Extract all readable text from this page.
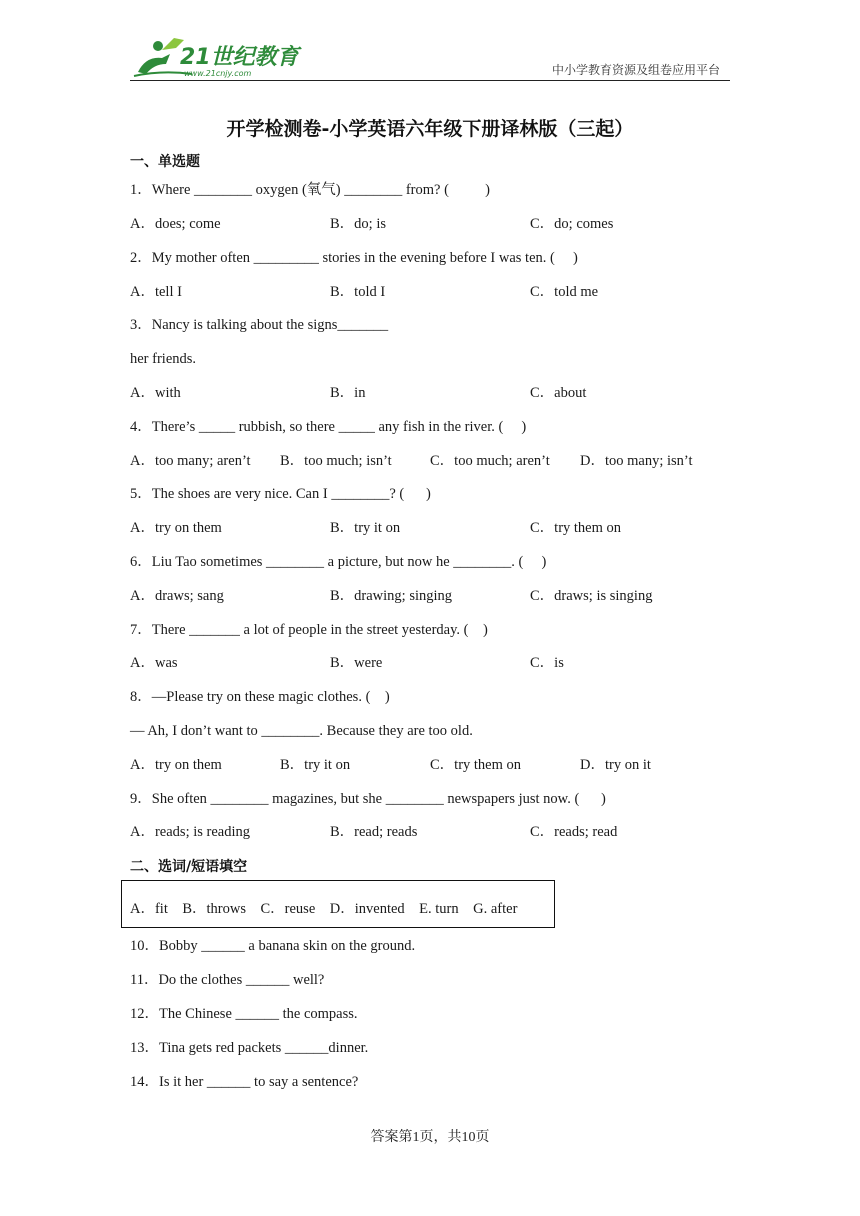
21世纪教育
www.21cnjy.com	中小学教育资源及组卷应用平台
开学检测卷-小学英语六年级下册译林版（三起）
一、单选题
1．Where ________ oxygen (氧气) ________ from? (          )
A．does; come	B．do; is	C．do; comes
2．My mother often _________ stories in the evening before I was ten. (     )
A．tell I	B．told I	C．told me
3．Nancy is talking about the signs_______
her friends.
A．with	B．in	C．about
4．There’s _____ rubbish, so there _____ any fish in the river. (     )
A．too many; aren’t B．too much; isn’t	C．too much; aren’t D．too many; isn’t
5．The shoes are very nice. Can I ________? (      )
A．try on them	B．try it on	C．try them on
6．Liu Tao sometimes ________ a picture, but now he ________. (     )
A．draws; sang	B．drawing; singing	C．draws; is singing
7．There _______ a lot of people in the street yesterday. (    )
A．was	B．were	C．is
8．—Please try on these magic clothes. (    )
— Ah, I don’t want to ________. Because they are too old.
A．try on them	B．try it on	C．try them on	D．try on it
9．She often ________ magazines, but she ________ newspapers just now. (      )
A．reads; is reading	B．read; reads	C．reads; read
二、选词/短语填空
A．fit    B．throws    C．reuse    D．invented    E. turn    G. after
10．Bobby ______ a banana skin on the ground.
11．Do the clothes ______ well?
12．The Chinese ______ the compass.
13．Tina gets red packets ______dinner.
14．Is it her ______ to say a sentence?
答案第1页，共10页
